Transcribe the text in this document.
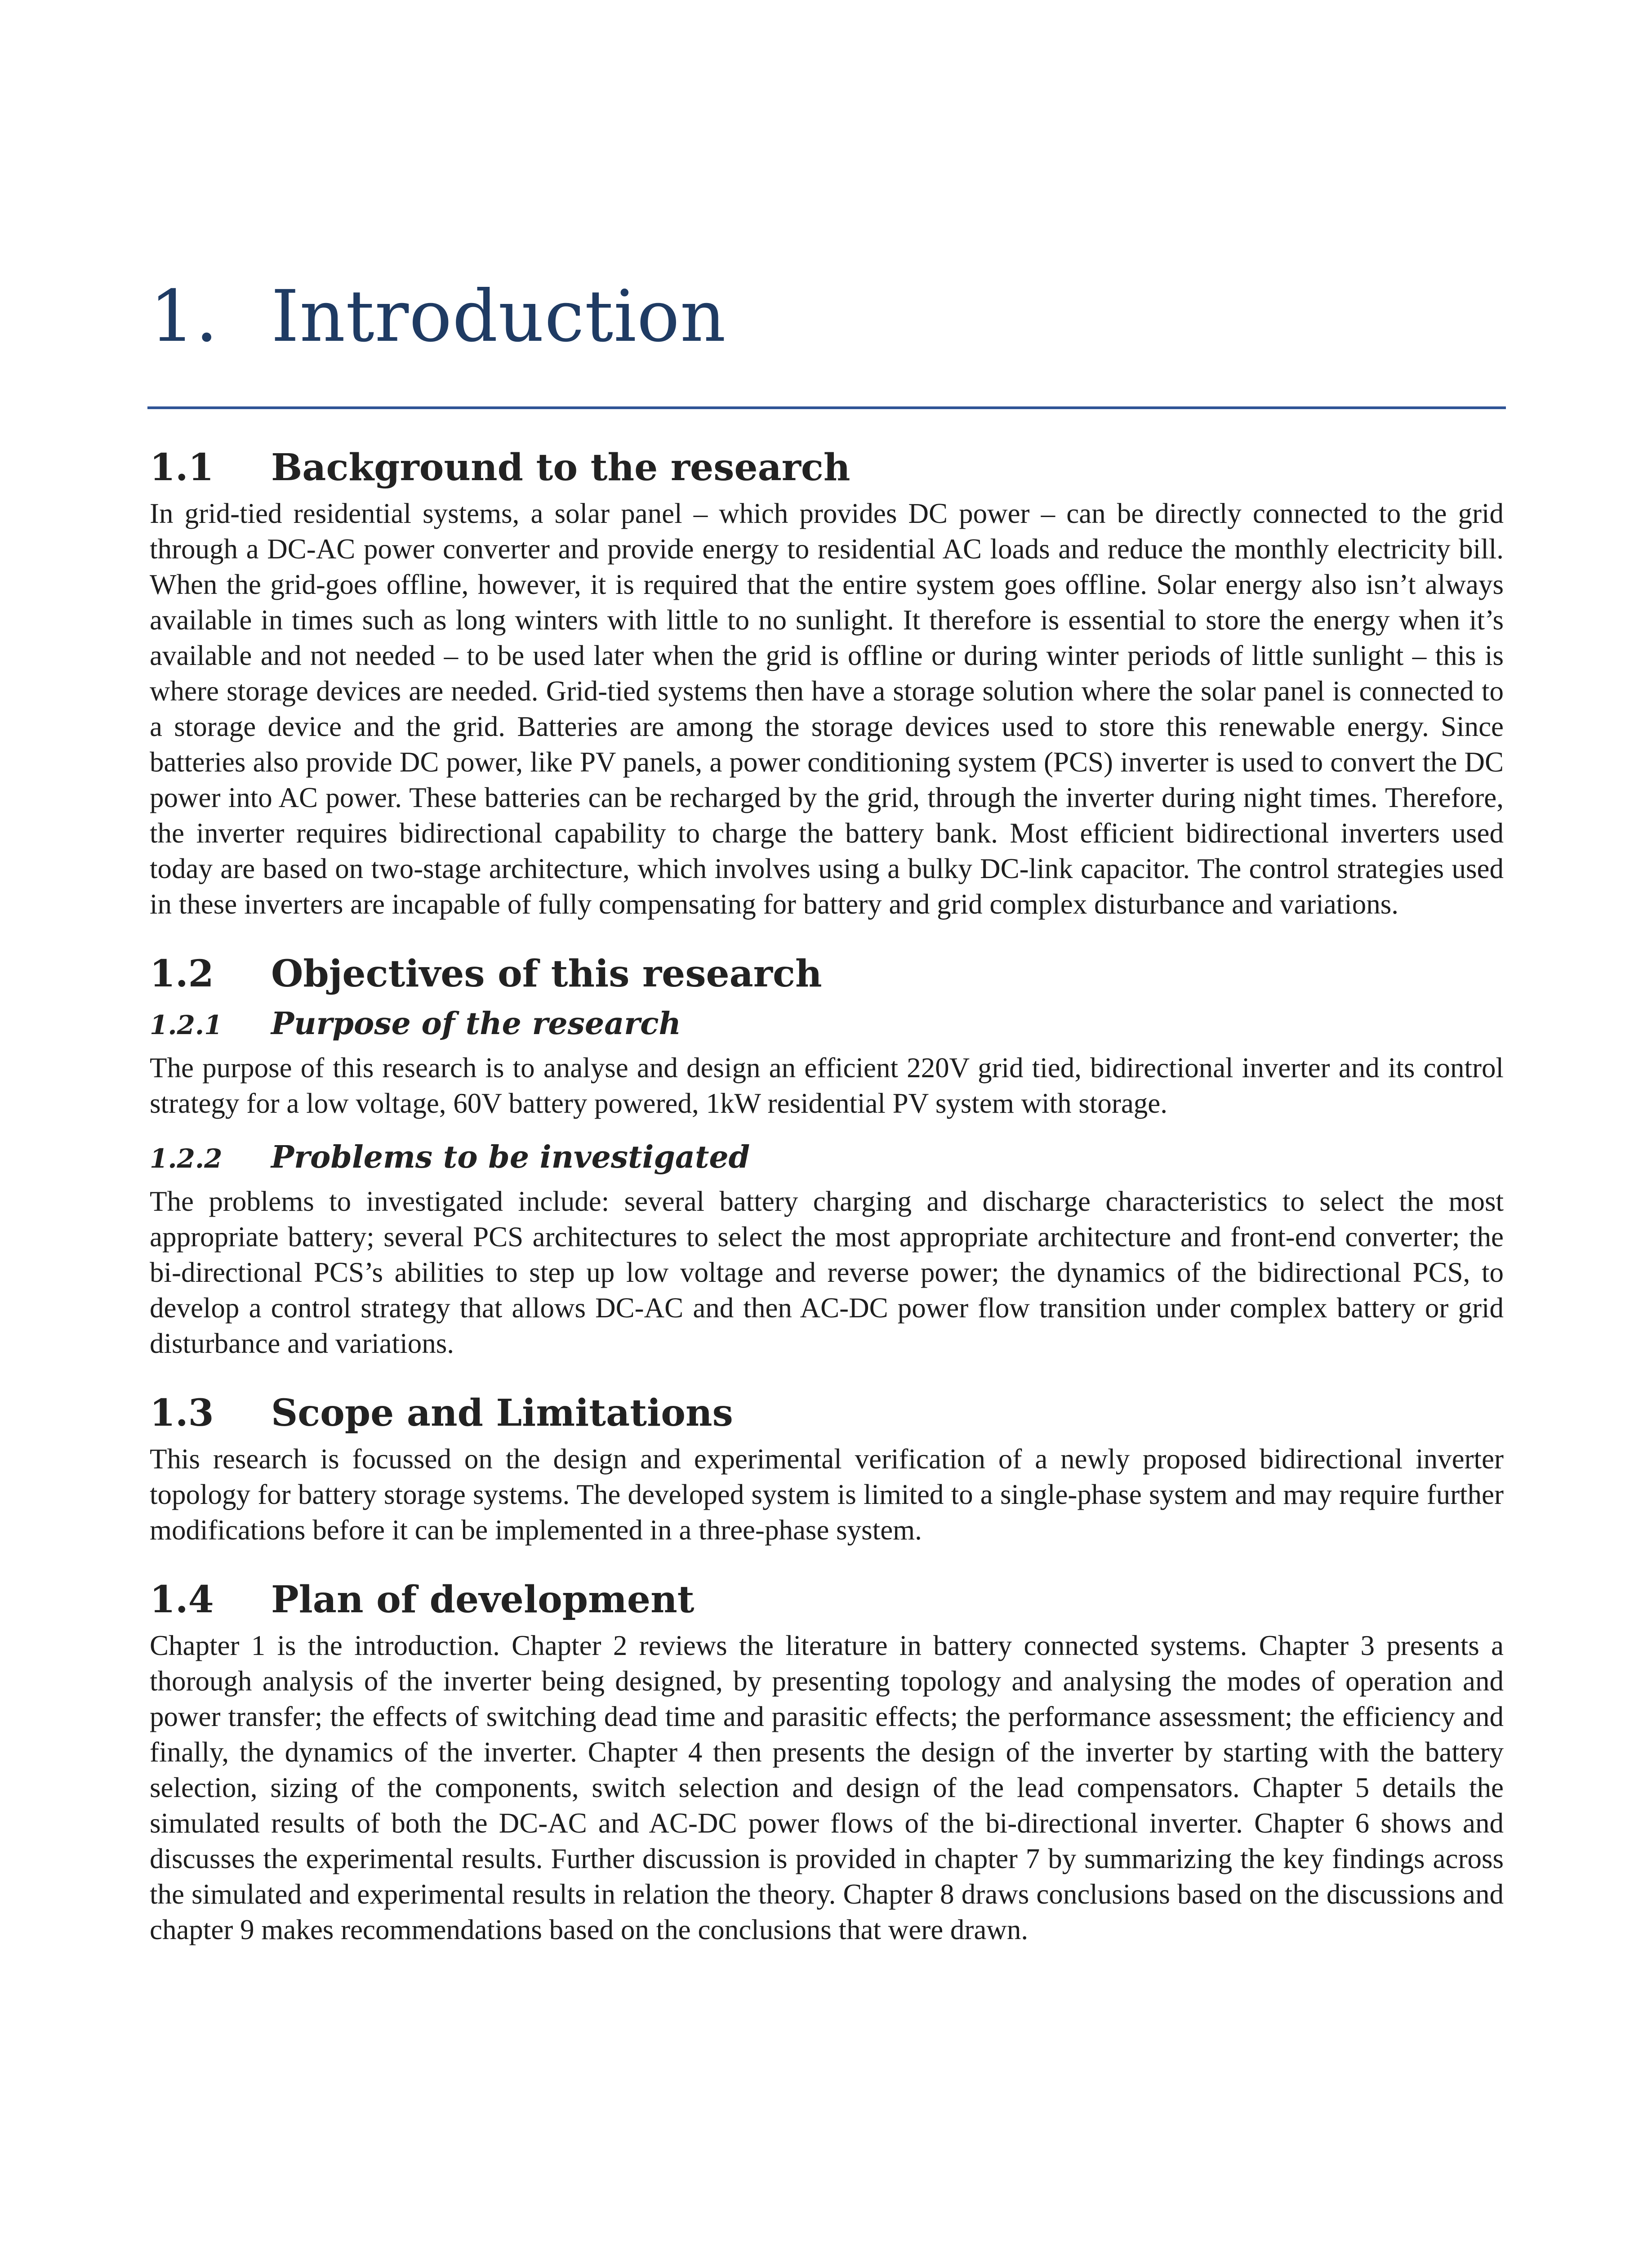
1. Introduction
1.1 Background to the research

In grid-tied residential systems, a solar panel – which provides DC power – can be directly connected to the grid through a DC-AC power converter and provide energy to residential AC loads and reduce the monthly electricity bill. When the grid-goes offline, however, it is required that the entire system goes offline. Solar energy also isn’t always available in times such as long winters with little to no sunlight. It therefore is essential to store the energy when it’s available and not needed – to be used later when the grid is offline or during winter periods of little sunlight – this is where storage devices are needed. Grid-tied systems then have a storage solution where the solar panel is connected to a storage device and the grid. Batteries are among the storage devices used to store this renewable energy. Since batteries also provide DC power, like PV panels, a power conditioning system (PCS) inverter is used to convert the DC power into AC power. These batteries can be recharged by the grid, through the inverter during night times. Therefore, the inverter requires bidirectional capability to charge the battery bank. Most efficient bidirectional inverters used today are based on two-stage architecture, which involves using a bulky DC-link capacitor. The control strategies used in these inverters are incapable of fully compensating for battery and grid complex disturbance and variations.

1.2 Objectives of this research
1.2.1 Purpose of the research

The purpose of this research is to analyse and design an efficient 220V grid tied, bidirectional inverter and its control strategy for a low voltage, 60V battery powered, 1kW residential PV system with storage.

1.2.2 Problems to be investigated

The problems to investigated include: several battery charging and discharge characteristics to select the most appropriate battery; several PCS architectures to select the most appropriate architecture and front-end converter; the bi-directional PCS’s abilities to step up low voltage and reverse power; the dynamics of the bidirectional PCS, to develop a control strategy that allows DC-AC and then AC-DC power flow transition under complex battery or grid disturbance and variations.

1.3 Scope and Limitations

This research is focussed on the design and experimental verification of a newly proposed bidirectional inverter topology for battery storage systems. The developed system is limited to a single-phase system and may require further modifications before it can be implemented in a three-phase system.

1.4 Plan of development

Chapter 1 is the introduction. Chapter 2 reviews the literature in battery connected systems. Chapter 3 presents a thorough analysis of the inverter being designed, by presenting topology and analysing the modes of operation and power transfer; the effects of switching dead time and parasitic effects; the performance assessment; the efficiency and finally, the dynamics of the inverter. Chapter 4 then presents the design of the inverter by starting with the battery selection, sizing of the components, switch selection and design of the lead compensators. Chapter 5 details the simulated results of both the DC-AC and AC-DC power flows of the bi-directional inverter. Chapter 6 shows and discusses the experimental results. Further discussion is provided in chapter 7 by summarizing the key findings across the simulated and experimental results in relation the theory. Chapter 8 draws conclusions based on the discussions and chapter 9 makes recommendations based on the conclusions that were drawn.
